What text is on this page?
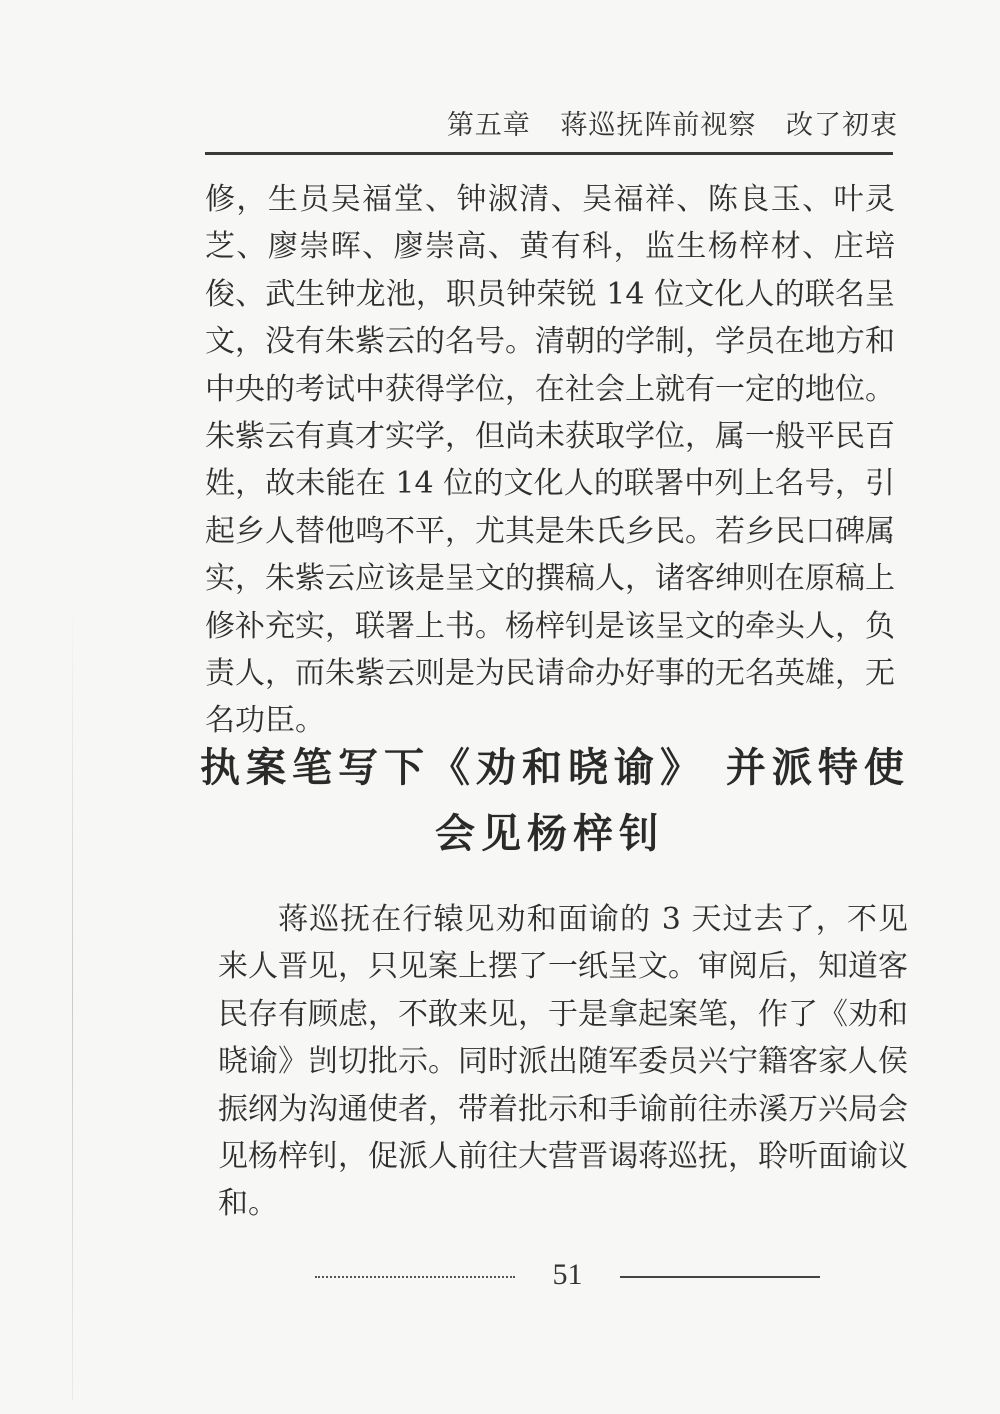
第五章 蒋巡抚阵前视察 改了初衷

修，生员吴福堂、钟淑清、吴福祥、陈良玉、叶灵芝、廖崇晖、廖崇高、黄有科，监生杨梓材、庄培俊、武生钟龙池，职员钟荣锐 14 位文化人的联名呈文，没有朱紫云的名号。清朝的学制，学员在地方和中央的考试中获得学位，在社会上就有一定的地位。朱紫云有真才实学，但尚未获取学位，属一般平民百姓，故未能在 14 位的文化人的联署中列上名号，引起乡人替他鸣不平，尤其是朱氏乡民。若乡民口碑属实，朱紫云应该是呈文的撰稿人，诸客绅则在原稿上修补充实，联署上书。杨梓钊是该呈文的牵头人，负责人，而朱紫云则是为民请命办好事的无名英雄，无名功臣。

执案笔写下《劝和晓谕》 并派特使
会见杨梓钊

蒋巡抚在行辕见劝和面谕的 3 天过去了，不见来人晋见，只见案上摆了一纸呈文。审阅后，知道客民存有顾虑，不敢来见，于是拿起案笔，作了《劝和晓谕》剀切批示。同时派出随军委员兴宁籍客家人侯振纲为沟通使者，带着批示和手谕前往赤溪万兴局会见杨梓钊，促派人前往大营晋谒蒋巡抚，聆听面谕议和。

51
